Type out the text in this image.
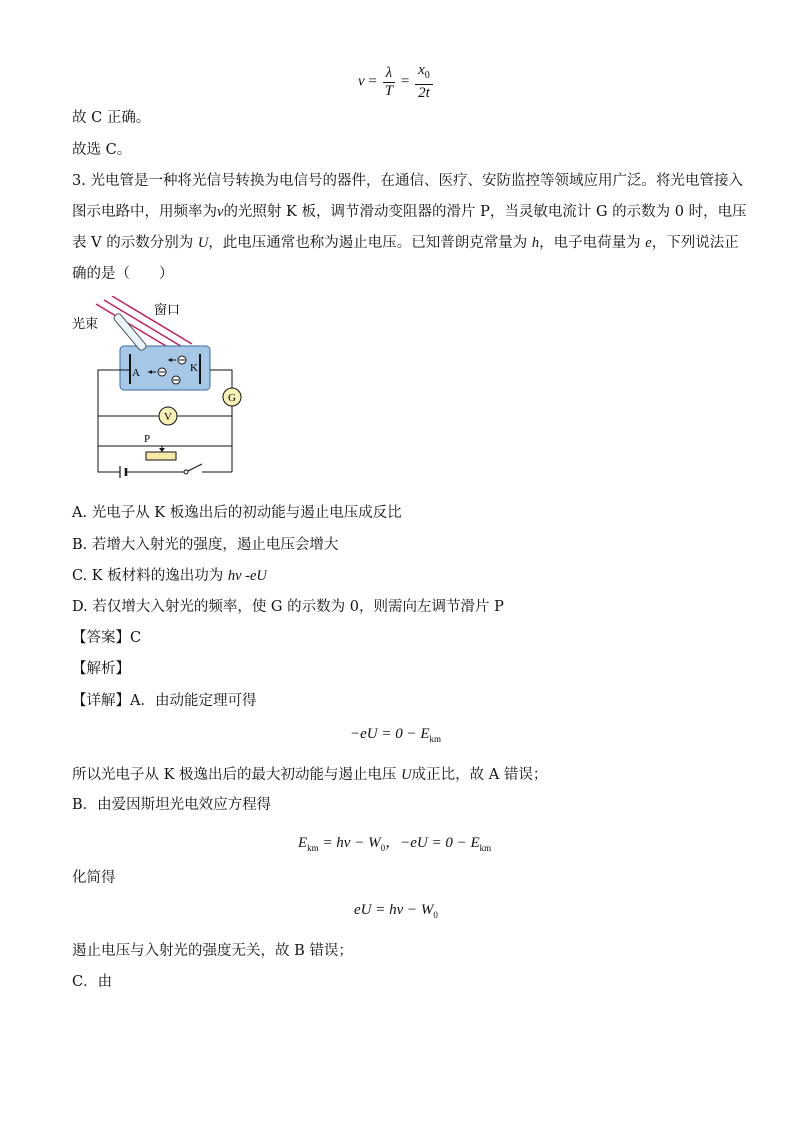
$\nu = \frac{\lambda}{T} = \frac{x_0}{2t}$
故 C 正确。
故选 C。
3. 光电管是一种将光信号转换为电信号的器件，在通信、医疗、安防监控等领域应用广泛。将光电管接入
图示电路中，用频率为ν的光照射 K 板，调节滑动变阻器的滑片 P，当灵敏电流计 G 的示数为 0 时，电压
表 V 的示数分别为 U，此电压通常也称为遏止电压。已知普朗克常量为 h，电子电荷量为 e，下列说法正
确的是（　　）
A	K
G
V
P
光束
窗口
A. 光电子从 K 板逸出后的初动能与遏止电压成反比
B. 若增大入射光的强度，遏止电压会增大
C. K 板材料的逸出功为 hν -eU
D. 若仅增大入射光的频率，使 G 的示数为 0，则需向左调节滑片 P
【答案】C
【解析】
【详解】A．由动能定理可得
$-eU = 0 - E_{km}$
所以光电子从 K 极逸出后的最大初动能与遏止电压 U成正比，故 A 错误；
B．由爱因斯坦光电效应方程得
$E_{km} = h\nu - W_0$，$-eU = 0 - E_{km}$
化简得
eU = $h\nu - W_0$
遏止电压与入射光的强度无关，故 B 错误；
C．由
